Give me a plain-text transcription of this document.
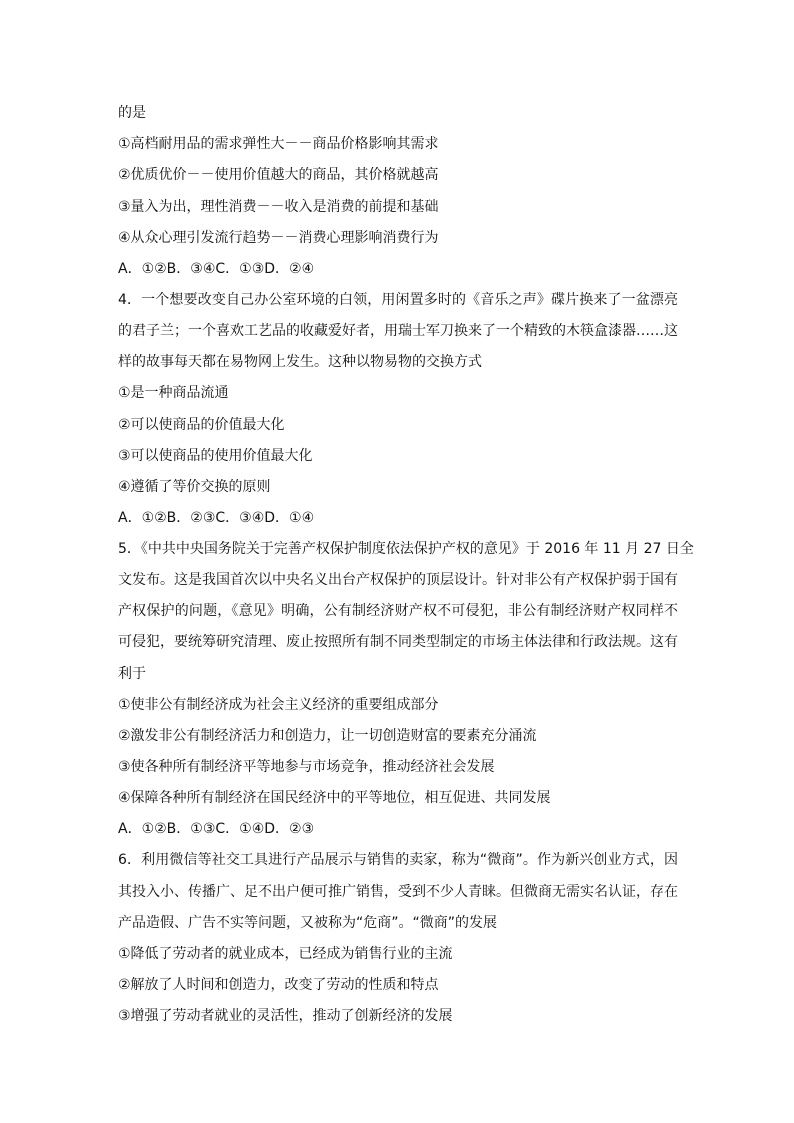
的是
①高档耐用品的需求弹性大－－商品价格影响其需求
②优质优价－－使用价值越大的商品，其价格就越高
③量入为出，理性消费－－收入是消费的前提和基础
④从众心理引发流行趋势－－消费心理影响消费行为
A．①②B．③④C．①③D．②④
4．一个想要改变自己办公室环境的白领，用闲置多时的《音乐之声》碟片换来了一盆漂亮
的君子兰；一个喜欢工艺品的收藏爱好者，用瑞士军刀换来了一个精致的木筷盒漆器……这
样的故事每天都在易物网上发生。这种以物易物的交换方式
①是一种商品流通
②可以使商品的价值最大化
③可以使商品的使用价值最大化
④遵循了等价交换的原则
A．①②B．②③C．③④D．①④
5．《中共中央国务院关于完善产权保护制度依法保护产权的意见》于 2016 年 11 月 27 日全
文发布。这是我国首次以中央名义出台产权保护的顶层设计。针对非公有产权保护弱于国有
产权保护的问题，《意见》明确，公有制经济财产权不可侵犯，非公有制经济财产权同样不
可侵犯，要统筹研究清理、废止按照所有制不同类型制定的市场主体法律和行政法规。这有
利于
①使非公有制经济成为社会主义经济的重要组成部分
②激发非公有制经济活力和创造力，让一切创造财富的要素充分涌流
③使各种所有制经济平等地参与市场竞争，推动经济社会发展
④保障各种所有制经济在国民经济中的平等地位，相互促进、共同发展
A．①②B．①③C．①④D．②③
6．利用微信等社交工具进行产品展示与销售的卖家，称为“微商”。作为新兴创业方式，因
其投入小、传播广、足不出户便可推广销售，受到不少人青睐。但微商无需实名认证，存在
产品造假、广告不实等问题，又被称为“危商”。“微商”的发展
①降低了劳动者的就业成本，已经成为销售行业的主流
②解放了人时间和创造力，改变了劳动的性质和特点
③增强了劳动者就业的灵活性，推动了创新经济的发展
